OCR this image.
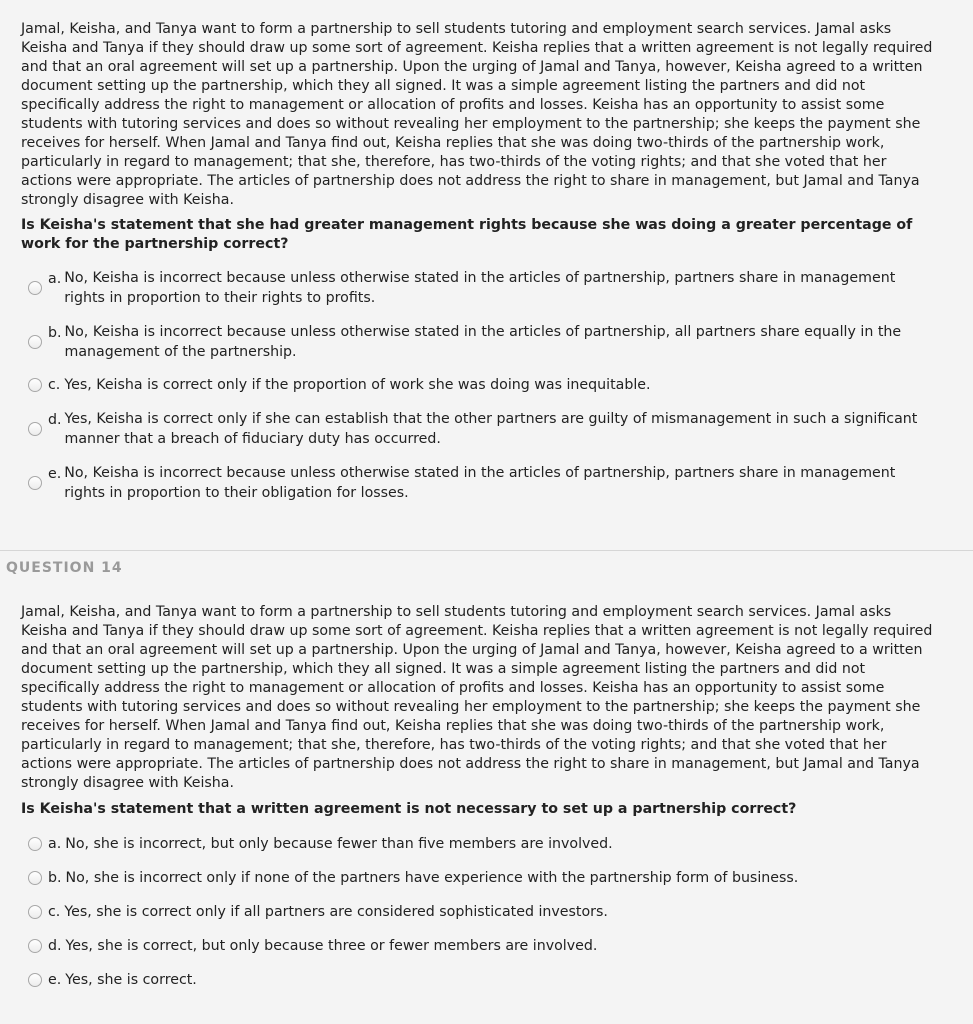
Jamal, Keisha, and Tanya want to form a partnership to sell students tutoring and employment search services. Jamal asks Keisha and Tanya if they should draw up some sort of agreement. Keisha replies that a written agreement is not legally required and that an oral agreement will set up a partnership. Upon the urging of Jamal and Tanya, however, Keisha agreed to a written document setting up the partnership, which they all signed. It was a simple agreement listing the partners and did not specifically address the right to management or allocation of profits and losses. Keisha has an opportunity to assist some students with tutoring services and does so without revealing her employment to the partnership; she keeps the payment she receives for herself. When Jamal and Tanya find out, Keisha replies that she was doing two-thirds of the partnership work, particularly in regard to management; that she, therefore, has two-thirds of the voting rights; and that she voted that her actions were appropriate. The articles of partnership does not address the right to share in management, but Jamal and Tanya strongly disagree with Keisha.
Is Keisha's statement that she had greater management rights because she was doing a greater percentage of work for the partnership correct?
a. No, Keisha is incorrect because unless otherwise stated in the articles of partnership, partners share in management rights in proportion to their rights to profits.
b. No, Keisha is incorrect because unless otherwise stated in the articles of partnership, all partners share equally in the management of the partnership.
c. Yes, Keisha is correct only if the proportion of work she was doing was inequitable.
d. Yes, Keisha is correct only if she can establish that the other partners are guilty of mismanagement in such a significant manner that a breach of fiduciary duty has occurred.
e. No, Keisha is incorrect because unless otherwise stated in the articles of partnership, partners share in management rights in proportion to their obligation for losses.
QUESTION 14
Jamal, Keisha, and Tanya want to form a partnership to sell students tutoring and employment search services. Jamal asks Keisha and Tanya if they should draw up some sort of agreement. Keisha replies that a written agreement is not legally required and that an oral agreement will set up a partnership. Upon the urging of Jamal and Tanya, however, Keisha agreed to a written document setting up the partnership, which they all signed. It was a simple agreement listing the partners and did not specifically address the right to management or allocation of profits and losses. Keisha has an opportunity to assist some students with tutoring services and does so without revealing her employment to the partnership; she keeps the payment she receives for herself. When Jamal and Tanya find out, Keisha replies that she was doing two-thirds of the partnership work, particularly in regard to management; that she, therefore, has two-thirds of the voting rights; and that she voted that her actions were appropriate. The articles of partnership does not address the right to share in management, but Jamal and Tanya strongly disagree with Keisha.
Is Keisha's statement that a written agreement is not necessary to set up a partnership correct?
a. No, she is incorrect, but only because fewer than five members are involved.
b. No, she is incorrect only if none of the partners have experience with the partnership form of business.
c. Yes, she is correct only if all partners are considered sophisticated investors.
d. Yes, she is correct, but only because three or fewer members are involved.
e. Yes, she is correct.
